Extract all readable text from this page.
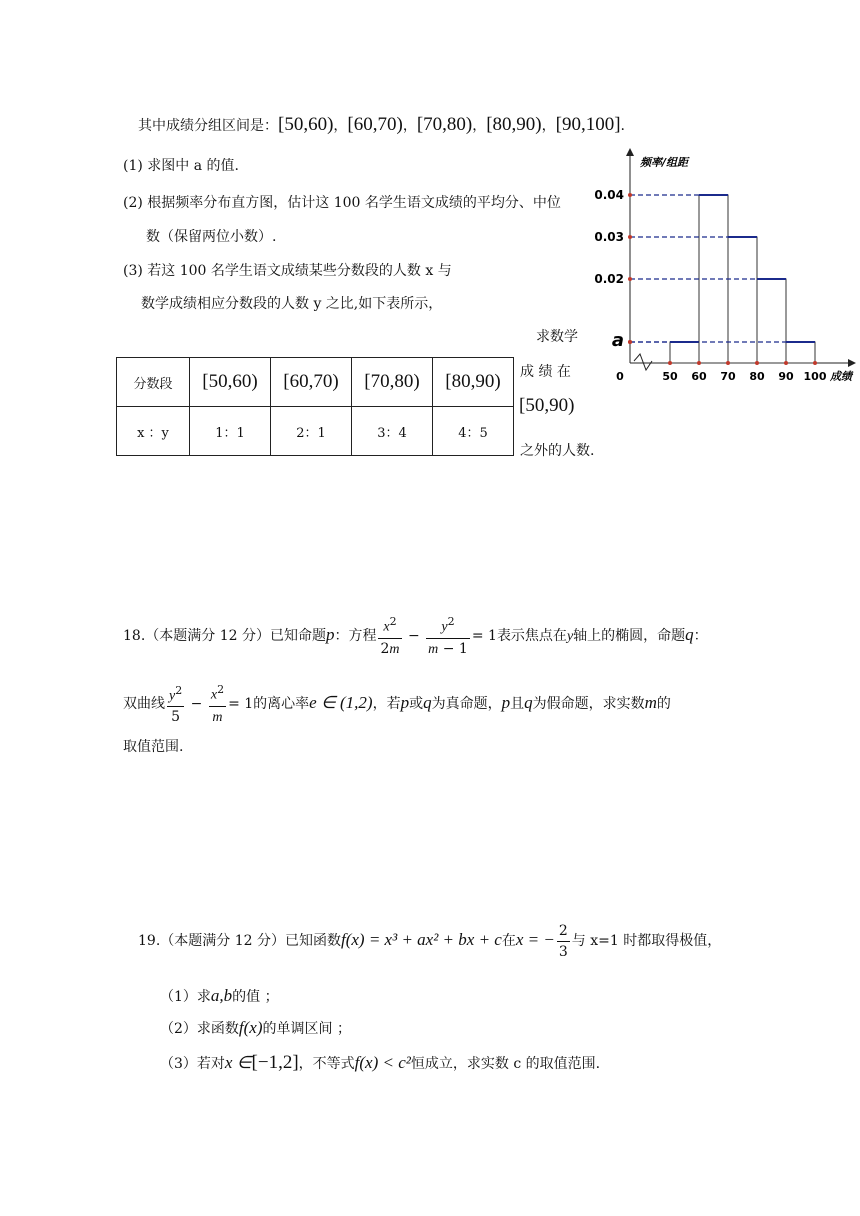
其中成绩分组区间是：[50,60)，[60,70)，[70,80)，[80,90)，[90,100].
(1) 求图中 a 的值.
(2) 根据频率分布直方图，估计这 100 名学生语文成绩的平均分、中位
数（保留两位小数）.
(3) 若这 100 名学生语文成绩某些分数段的人数 x 与
数学成绩相应分数段的人数 y 之比,如下表所示，
求数学
成 绩 在
[50,90)
之外的人数.
分数段	[50,60)	[60,70)	[70,80)	[80,90)
x ：y	1：1	2：1	3：4	4：5
0.04
0.03
0.02
a
50 60 70 80 90 100
0
频率/组距
成绩
18.（本题满分 12 分）已知命题p：方程 $\frac{x^2}{2m} - \frac{y^2}{m - 1} = 1$表示焦点在y轴上的椭圆，命题q：
双曲线 $\frac{y^2}{5} - \frac{x^2}{m} = 1$的离心率e ∈ (1,2)，若p或q为真命题，p且q为假命题，求实数m的
取值范围.
19.（本题满分 12 分）已知函数f(x) = x³ + ax² + bx + c在x = − $\frac{2}{3}$ 与 x=1 时都取得极值，
（1）求a,b的值 ；
（2）求函数f(x)的单调区间 ；
（3）若对x ∈[−1,2]，不等式f(x) < c²恒成立，求实数 c 的取值范围.
